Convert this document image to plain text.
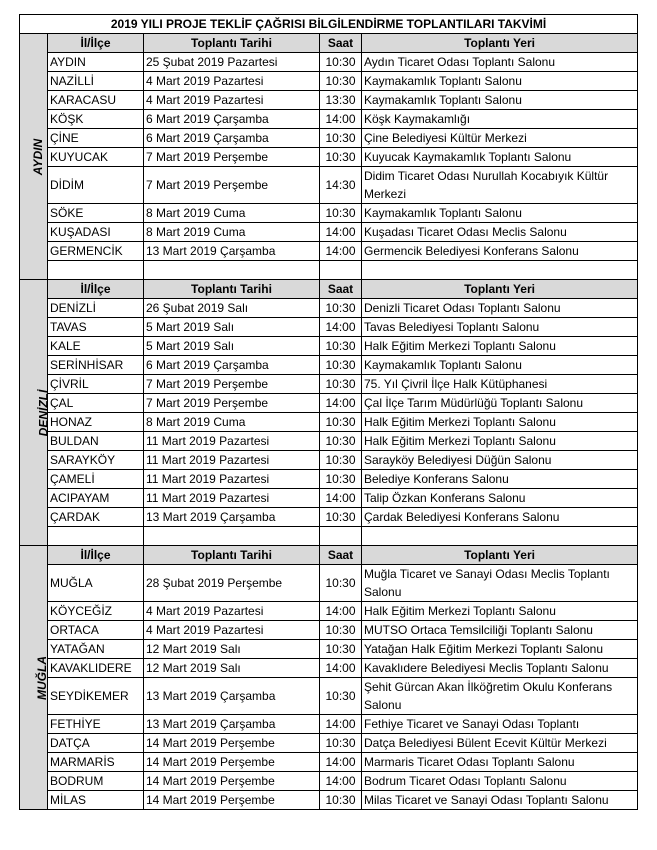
2019 YILI PROJE TEKLİF ÇAĞRISI BİLGİLENDİRME TOPLANTILARI TAKVİMİ				
AYDIN	İl/İlçe	Toplantı Tarihi	Saat	Toplantı Yeri
	AYDIN	25 Şubat 2019 Pazartesi	10:30	Aydın Ticaret Odası Toplantı Salonu
	NAZİLLİ	4 Mart 2019 Pazartesi	10:30	Kaymakamlık Toplantı Salonu
	KARACASU	4 Mart 2019 Pazartesi	13:30	Kaymakamlık Toplantı Salonu
	KÖŞK	6 Mart 2019 Çarşamba	14:00	Köşk Kaymakamlığı
	ÇİNE	6 Mart 2019 Çarşamba	10:30	Çine Belediyesi Kültür Merkezi
	KUYUCAK	7 Mart 2019 Perşembe	10:30	Kuyucak Kaymakamlık Toplantı Salonu
	DİDİM	7 Mart 2019 Perşembe	14:30	Didim Ticaret Odası Nurullah Kocabıyık Kültür Merkezi
	SÖKE	8 Mart 2019 Cuma	10:30	Kaymakamlık Toplantı Salonu
	KUŞADASI	8 Mart 2019 Cuma	14:00	Kuşadası Ticaret Odası Meclis Salonu
	GERMENCİK	13 Mart 2019 Çarşamba	14:00	Germencik Belediyesi Konferans Salonu

DENİZLİ	İl/İlçe	Toplantı Tarihi	Saat	Toplantı Yeri
	DENİZLİ	26 Şubat 2019 Salı	10:30	Denizli Ticaret Odası Toplantı Salonu
	TAVAS	5 Mart 2019 Salı	14:00	Tavas Belediyesi Toplantı Salonu
	KALE	5 Mart 2019 Salı	10:30	Halk Eğitim Merkezi Toplantı Salonu
	SERİNHİSAR	6 Mart 2019 Çarşamba	10:30	Kaymakamlık Toplantı Salonu
	ÇİVRİL	7 Mart 2019 Perşembe	10:30	75. Yıl Çivril İlçe Halk Kütüphanesi
	ÇAL	7 Mart 2019 Perşembe	14:00	Çal İlçe Tarım Müdürlüğü Toplantı Salonu
	HONAZ	8 Mart 2019 Cuma	10:30	Halk Eğitim Merkezi Toplantı Salonu
	BULDAN	11 Mart 2019 Pazartesi	10:30	Halk Eğitim Merkezi Toplantı Salonu
	SARAYKÖY	11 Mart 2019 Pazartesi	10:30	Sarayköy Belediyesi Düğün Salonu
	ÇAMELİ	11 Mart 2019 Pazartesi	10:30	Belediye Konferans Salonu
	ACIPAYAM	11 Mart 2019 Pazartesi	14:00	Talip Özkan Konferans Salonu
	ÇARDAK	13 Mart 2019 Çarşamba	10:30	Çardak Belediyesi Konferans Salonu

MUĞLA	İl/İlçe	Toplantı Tarihi	Saat	Toplantı Yeri
	MUĞLA	28 Şubat 2019 Perşembe	10:30	Muğla Ticaret ve Sanayi Odası Meclis Toplantı Salonu
	KÖYCEĞİZ	4 Mart 2019 Pazartesi	14:00	Halk Eğitim Merkezi Toplantı Salonu
	ORTACA	4 Mart 2019 Pazartesi	10:30	MUTSO Ortaca Temsilciliği Toplantı Salonu
	YATAĞAN	12 Mart 2019 Salı	10:30	Yatağan Halk Eğitim Merkezi Toplantı Salonu
	KAVAKLIDERE	12 Mart 2019 Salı	14:00	Kavaklıdere Belediyesi Meclis Toplantı Salonu
	SEYDİKEMER	13 Mart 2019 Çarşamba	10:30	Şehit Gürcan Akan İlköğretim Okulu Konferans Salonu
	FETHİYE	13 Mart 2019 Çarşamba	14:00	Fethiye Ticaret ve Sanayi Odası Toplantı
	DATÇA	14 Mart 2019 Perşembe	10:30	Datça Belediyesi Bülent Ecevit Kültür Merkezi
	MARMARİS	14 Mart 2019 Perşembe	14:00	Marmaris Ticaret Odası Toplantı Salonu
	BODRUM	14 Mart 2019 Perşembe	14:00	Bodrum Ticaret Odası Toplantı Salonu
	MİLAS	14 Mart 2019 Perşembe	10:30	Milas Ticaret ve Sanayi Odası Toplantı Salonu
